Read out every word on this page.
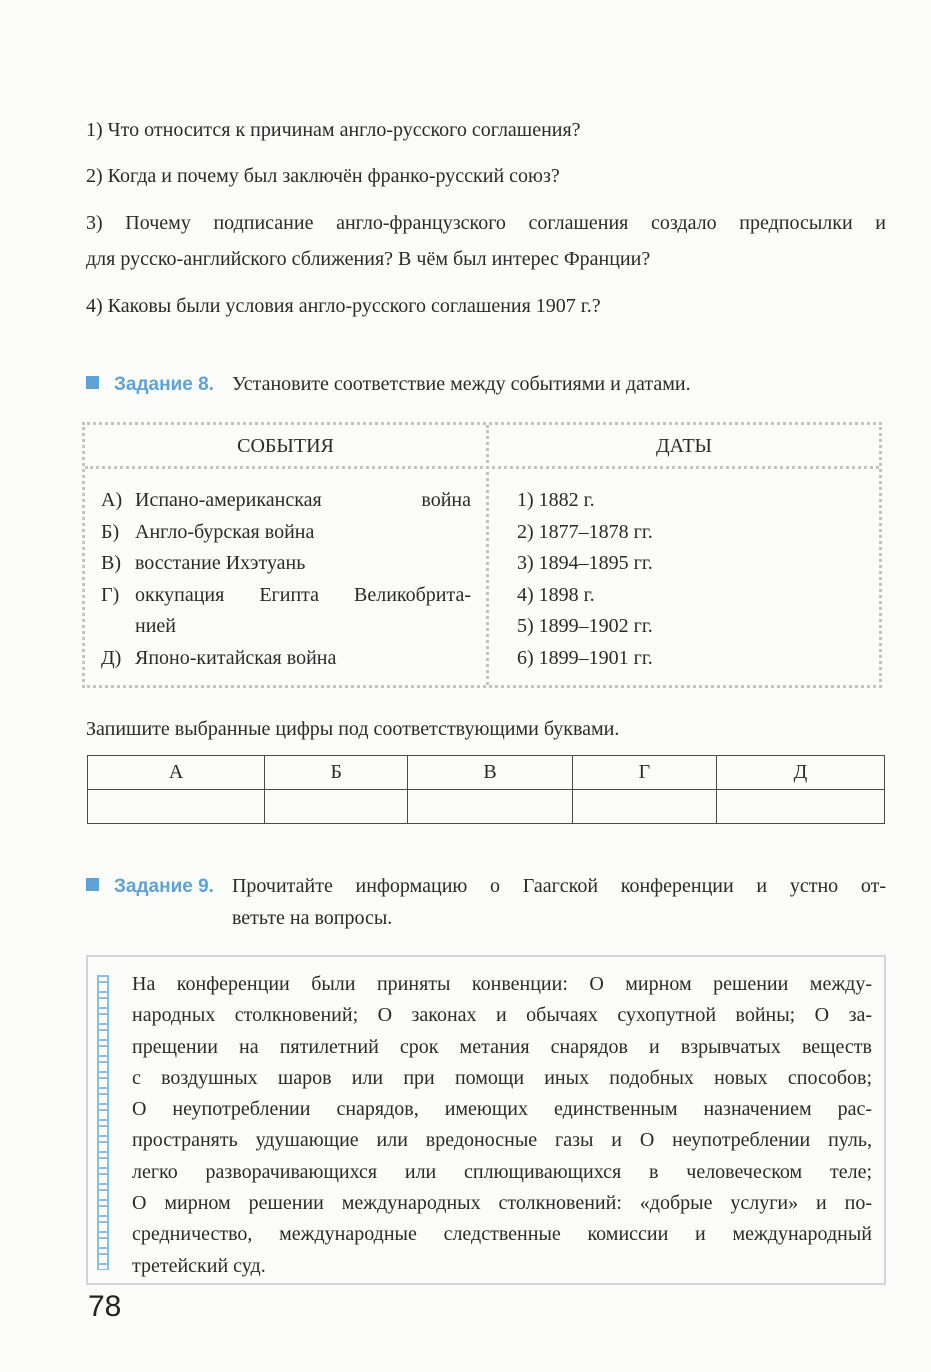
1) Что относится к причинам англо-русского соглашения?
2) Когда и почему был заключён франко-русский союз?
3) Почему подписание англо-французского соглашения создало предпосылки и
для русско-английского сближения? В чём был интерес Франции?
4) Каковы были условия англо-русского соглашения 1907 г.?
Задание 8. Установите соответствие между событиями и датами.
СОБЫТИЯ	ДАТЫ
А) Испано-американская война
Б) Англо-бурская война
В) восстание Ихэтуань
Г) оккупация Египта Великобрита-
нией
Д) Японо-китайская война
1) 1882 г.
2) 1877–1878 гг.
3) 1894–1895 гг.
4) 1898 г.
5) 1899–1902 гг.
6) 1899–1901 гг.
Запишите выбранные цифры под соответствующими буквами.
А	Б	В	Г	Д

Задание 9. Прочитайте информацию о Гаагской конференции и устно от-
ветьте на вопросы.
На конференции были приняты конвенции: О мирном решении междy-
народных столкновений; О законах и обычаях сухопутной войны; О за-
прещении на пятилетний срок метания снарядов и взрывчатых веществ
с воздушных шаров или при помощи иных подобных новых способов;
О неупотреблении снарядов, имеющих единственным назначением рас-
пространять удушающие или вредоносные газы и О неупотреблении пуль,
легко разворачивающихся или сплющивающихся в человеческом теле;
О мирном решении международных столкновений: «добрые услуги» и по-
средничество, международные следственные комиссии и международный
третейский суд.
78
